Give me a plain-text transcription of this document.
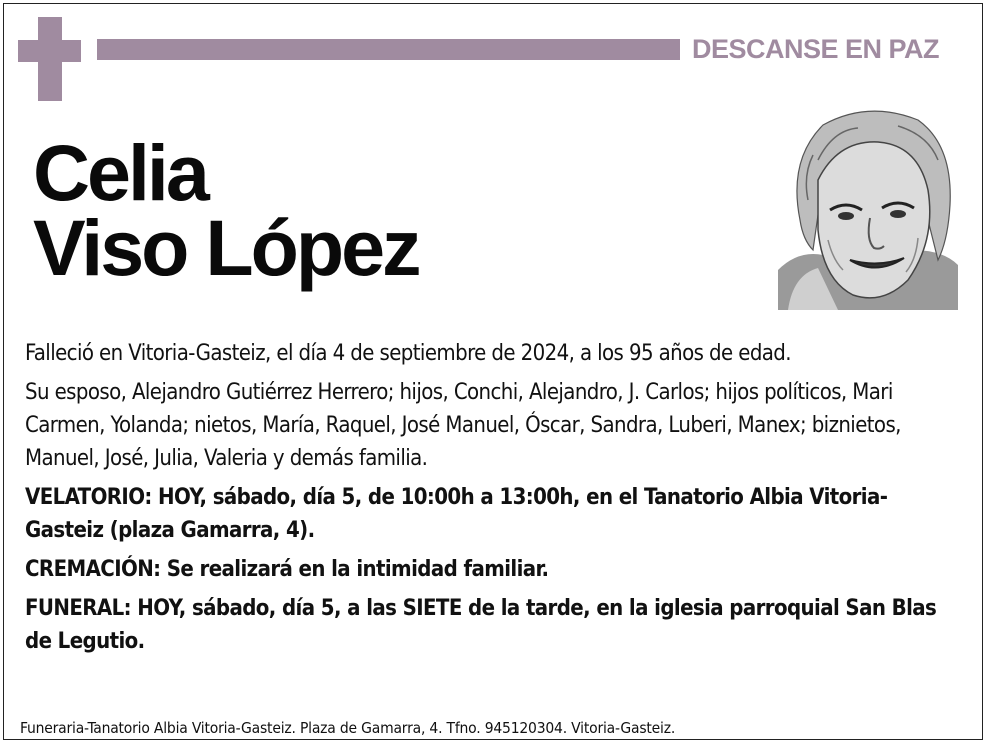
DESCANSE EN PAZ
Celia
Viso López

Falleció en Vitoria-Gasteiz, el día 4 de septiembre de 2024, a los 95 años de edad.

Su esposo, Alejandro Gutiérrez Herrero; hijos, Conchi, Alejandro, J. Carlos; hijos políticos, Mari Carmen, Yolanda; nietos, María, Raquel, José Manuel, Óscar, Sandra, Luberi, Manex; biznietos, Manuel, José, Julia, Valeria y demás familia.

VELATORIO: HOY, sábado, día 5, de 10:00h a 13:00h, en el Tanatorio Albia Vitoria-Gasteiz (plaza Gamarra, 4).

CREMACIÓN: Se realizará en la intimidad familiar.

FUNERAL: HOY, sábado, día 5, a las SIETE de la tarde, en la iglesia parroquial San Blas de Legutio.

Funeraria-Tanatorio Albia Vitoria-Gasteiz. Plaza de Gamarra, 4. Tfno. 945120304. Vitoria-Gasteiz.
